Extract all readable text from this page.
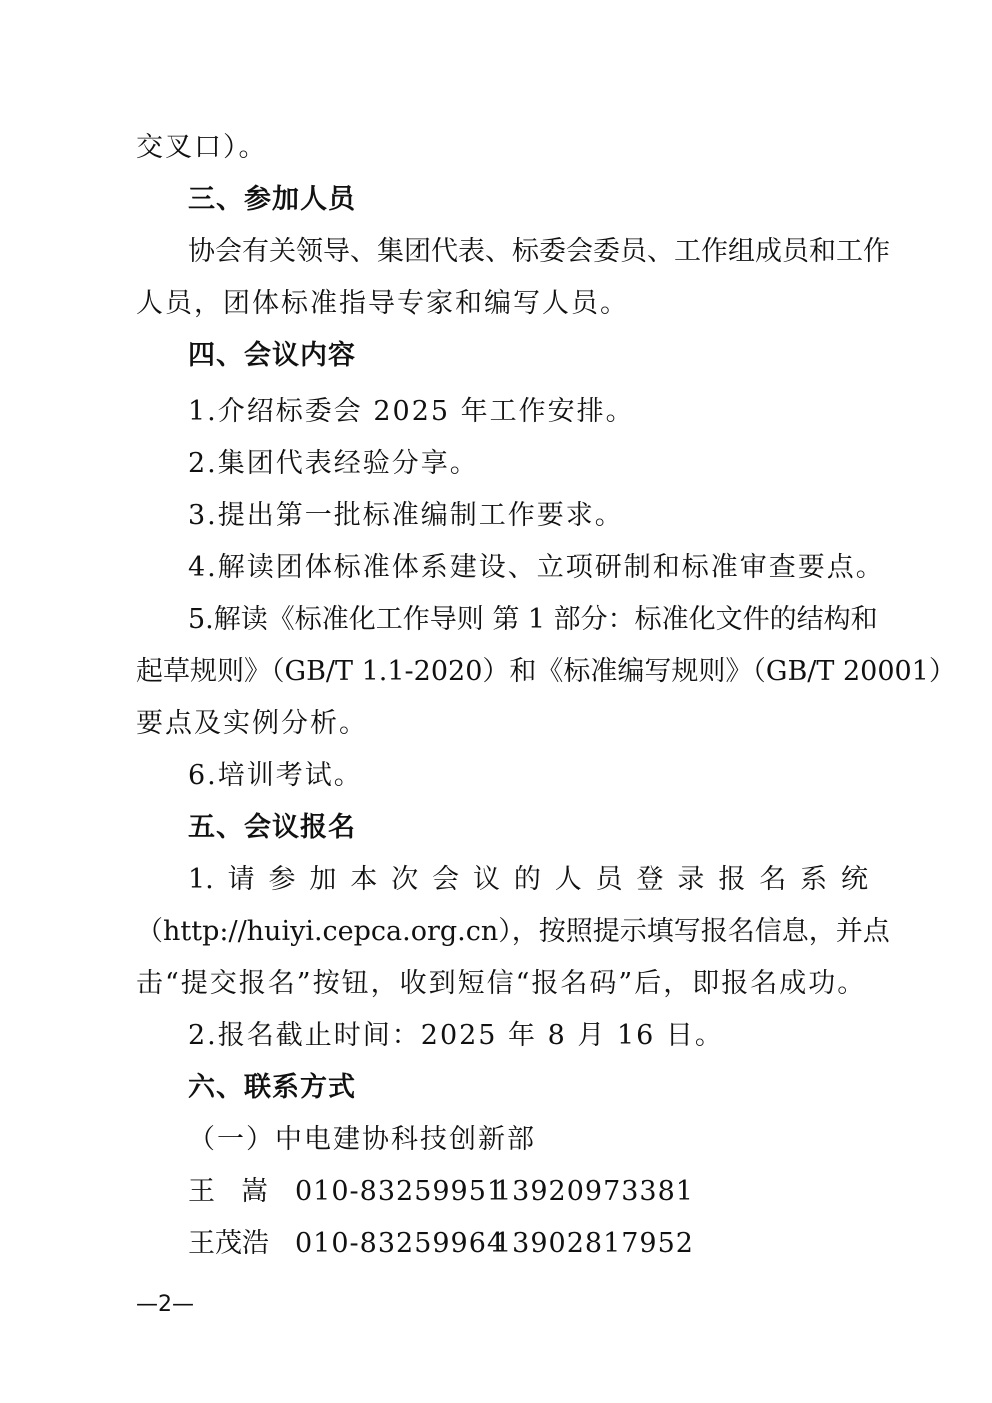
交叉口）。
三、参加人员
协会有关领导、集团代表、标委会委员、工作组成员和工作
人员，团体标准指导专家和编写人员。
四、会议内容
1.介绍标委会 2025 年工作安排。
2.集团代表经验分享。
3.提出第一批标准编制工作要求。
4.解读团体标准体系建设、立项研制和标准审查要点。
5.解读《标准化工作导则 第 1 部分：标准化文件的结构和
起草规则》（GB/T 1.1-2020）和《标准编写规则》（GB/T 20001）
要点及实例分析。
6.培训考试。
五、会议报名
1.请参加本次会议的人员登录报名系统
（http://huiyi.cepca.org.cn），按照提示填写报名信息，并点
击“提交报名”按钮，收到短信“报名码”后，即报名成功。
2.报名截止时间：2025 年 8 月 16 日。
六、联系方式
（一）中电建协科技创新部
王嵩 010-83259951
13920973381
王茂浩 010-83259964
13902817952
—2—
